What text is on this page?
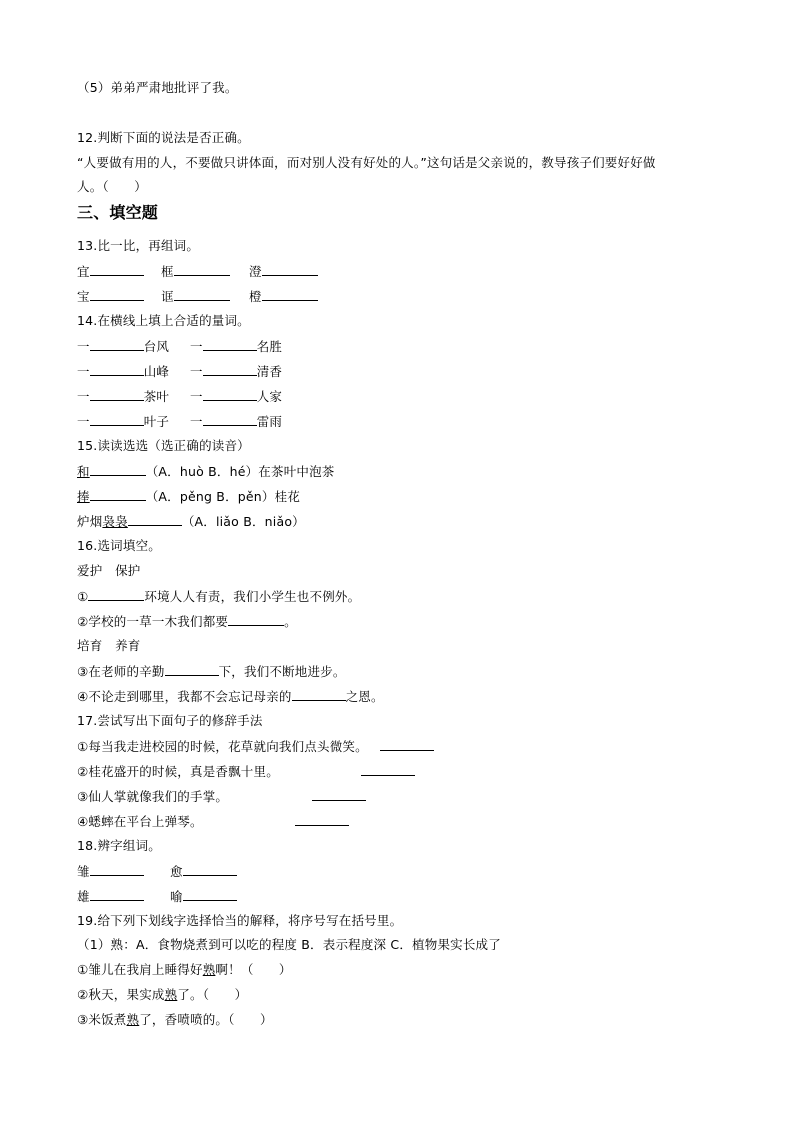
（5）弟弟严肃地批评了我。
12.判断下面的说法是否正确。
“人要做有用的人，不要做只讲体面，而对别人没有好处的人。”这句话是父亲说的，教导孩子们要好好做
人。（　　）
三、填空题
13.比一比，再组词。
宜	框	澄
宝	诓	橙
14.在横线上填上合适的量词。
一	台风 一	名胜
一	山峰 一	清香
一	茶叶 一	人家
一	叶子 一	雷雨
15.读读选选（选正确的读音）
和	（A．huò B．hé）在茶叶中泡茶
捧	（A．pěng B．pěn）桂花
炉烟袅袅	（A．liǎo B．niǎo）
16.选词填空。
爱护　保护
①	环境人人有责，我们小学生也不例外。
②学校的一草一木我们都要	。
培育　养育
③在老师的辛勤	下，我们不断地进步。
④不论走到哪里，我都不会忘记母亲的	之恩。
17.尝试写出下面句子的修辞手法
①每当我走进校园的时候，花草就向我们点头微笑。
②桂花盛开的时候，真是香飘十里。
③仙人掌就像我们的手掌。
④蟋蟀在平台上弹琴。
18.辨字组词。
雏	愈
雄	喻
19.给下列下划线字选择恰当的解释，将序号写在括号里。
（1）熟：A．食物烧煮到可以吃的程度 B．表示程度深 C．植物果实长成了
①雏儿在我肩上睡得好熟啊！（　　）
②秋天，果实成熟了。（　　）
③米饭煮熟了，香喷喷的。（　　）
